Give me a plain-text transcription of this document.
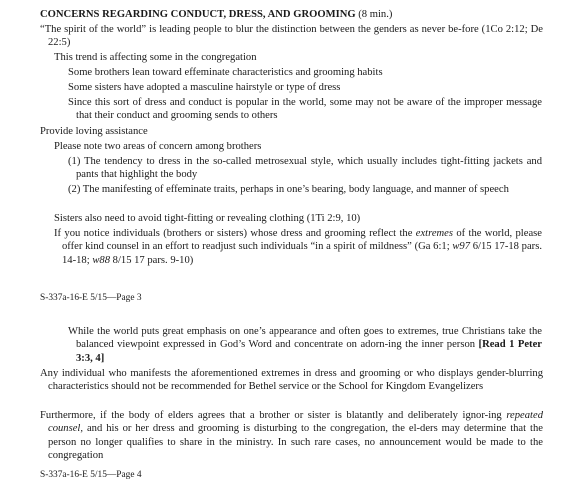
CONCERNS REGARDING CONDUCT, DRESS, AND GROOMING (8 min.)
“The spirit of the world” is leading people to blur the distinction between the genders as never be-fore (1Co 2:12; De 22:5)
This trend is affecting some in the congregation
Some brothers lean toward effeminate characteristics and grooming habits
Some sisters have adopted a masculine hairstyle or type of dress
Since this sort of dress and conduct is popular in the world, some may not be aware of the improper message that their conduct and grooming sends to others
Provide loving assistance
Please note two areas of concern among brothers
(1) The tendency to dress in the so-called metrosexual style, which usually includes tight-fitting jackets and pants that highlight the body
(2) The manifesting of effeminate traits, perhaps in one’s bearing, body language, and manner of speech
Sisters also need to avoid tight-fitting or revealing clothing (1Ti 2:9, 10)
If you notice individuals (brothers or sisters) whose dress and grooming reflect the extremes of the world, please offer kind counsel in an effort to readjust such individuals “in a spirit of mildness” (Ga 6:1; w97 6/15 17-18 pars. 14-18; w88 8/15 17 pars. 9-10)
S-337a-16-E 5/15—Page 3
While the world puts great emphasis on one’s appearance and often goes to extremes, true Christians take the balanced viewpoint expressed in God’s Word and concentrate on adorn-ing the inner person [Read 1 Peter 3:3, 4]
Any individual who manifests the aforementioned extremes in dress and grooming or who displays gender-blurring characteristics should not be recommended for Bethel service or the School for Kingdom Evangelizers
Furthermore, if the body of elders agrees that a brother or sister is blatantly and deliberately ignor-ing repeated counsel, and his or her dress and grooming is disturbing to the congregation, the el-ders may determine that the person no longer qualifies to share in the ministry. In such rare cases, no announcement would be made to the congregation
S-337a-16-E 5/15—Page 4
